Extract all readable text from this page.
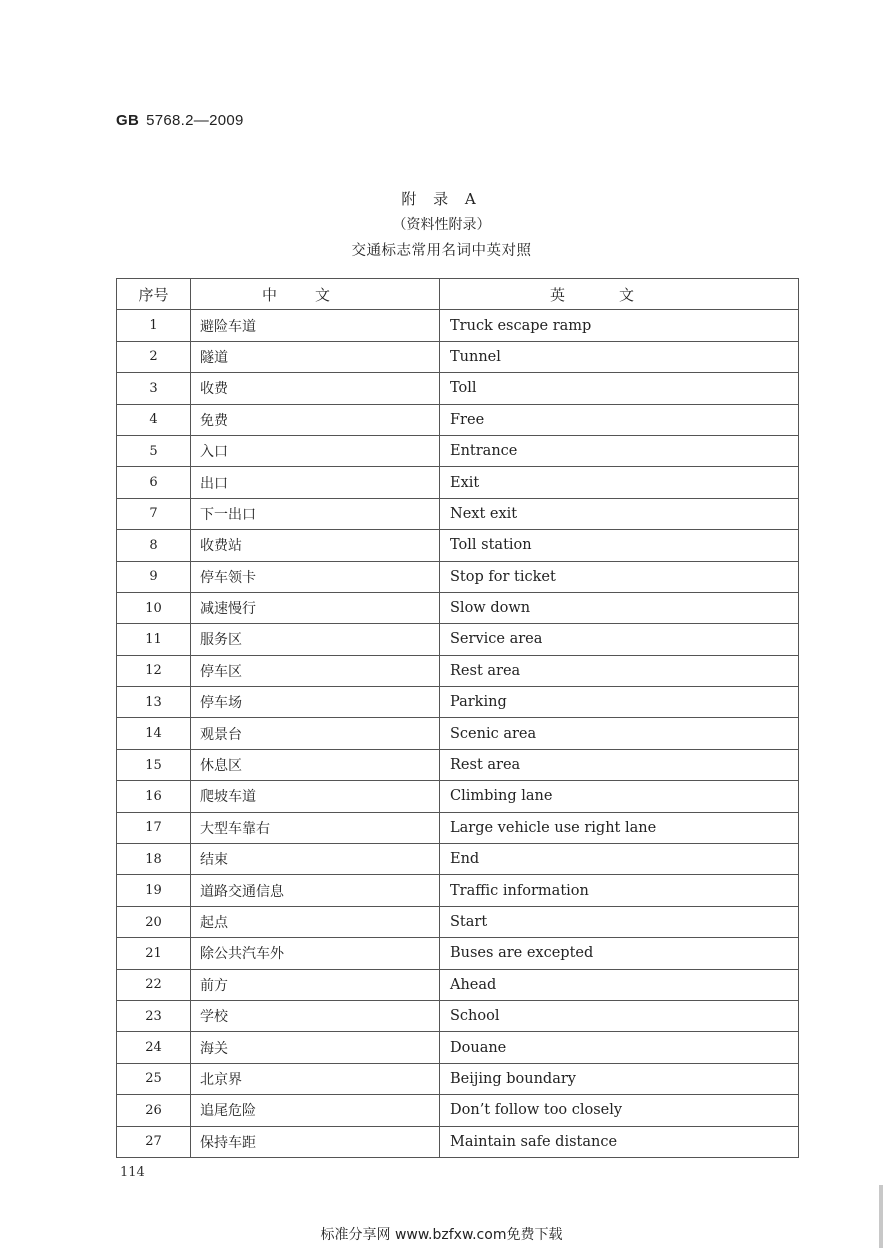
GB 5768.2—2009
附 录 A
（资料性附录）
交通标志常用名词中英对照
序号	中文	英文
1	避险车道	Truck escape ramp
2	隧道	Tunnel
3	收费	Toll
4	免费	Free
5	入口	Entrance
6	出口	Exit
7	下一出口	Next exit
8	收费站	Toll station
9	停车领卡	Stop for ticket
10	减速慢行	Slow down
11	服务区	Service area
12	停车区	Rest area
13	停车场	Parking
14	观景台	Scenic area
15	休息区	Rest area
16	爬坡车道	Climbing lane
17	大型车靠右	Large vehicle use right lane
18	结束	End
19	道路交通信息	Traffic information
20	起点	Start
21	除公共汽车外	Buses are excepted
22	前方	Ahead
23	学校	School
24	海关	Douane
25	北京界	Beijing boundary
26	追尾危险	Don’t follow too closely
27	保持车距	Maintain safe distance
114
标准分享网 www.bzfxw.com免费下载
